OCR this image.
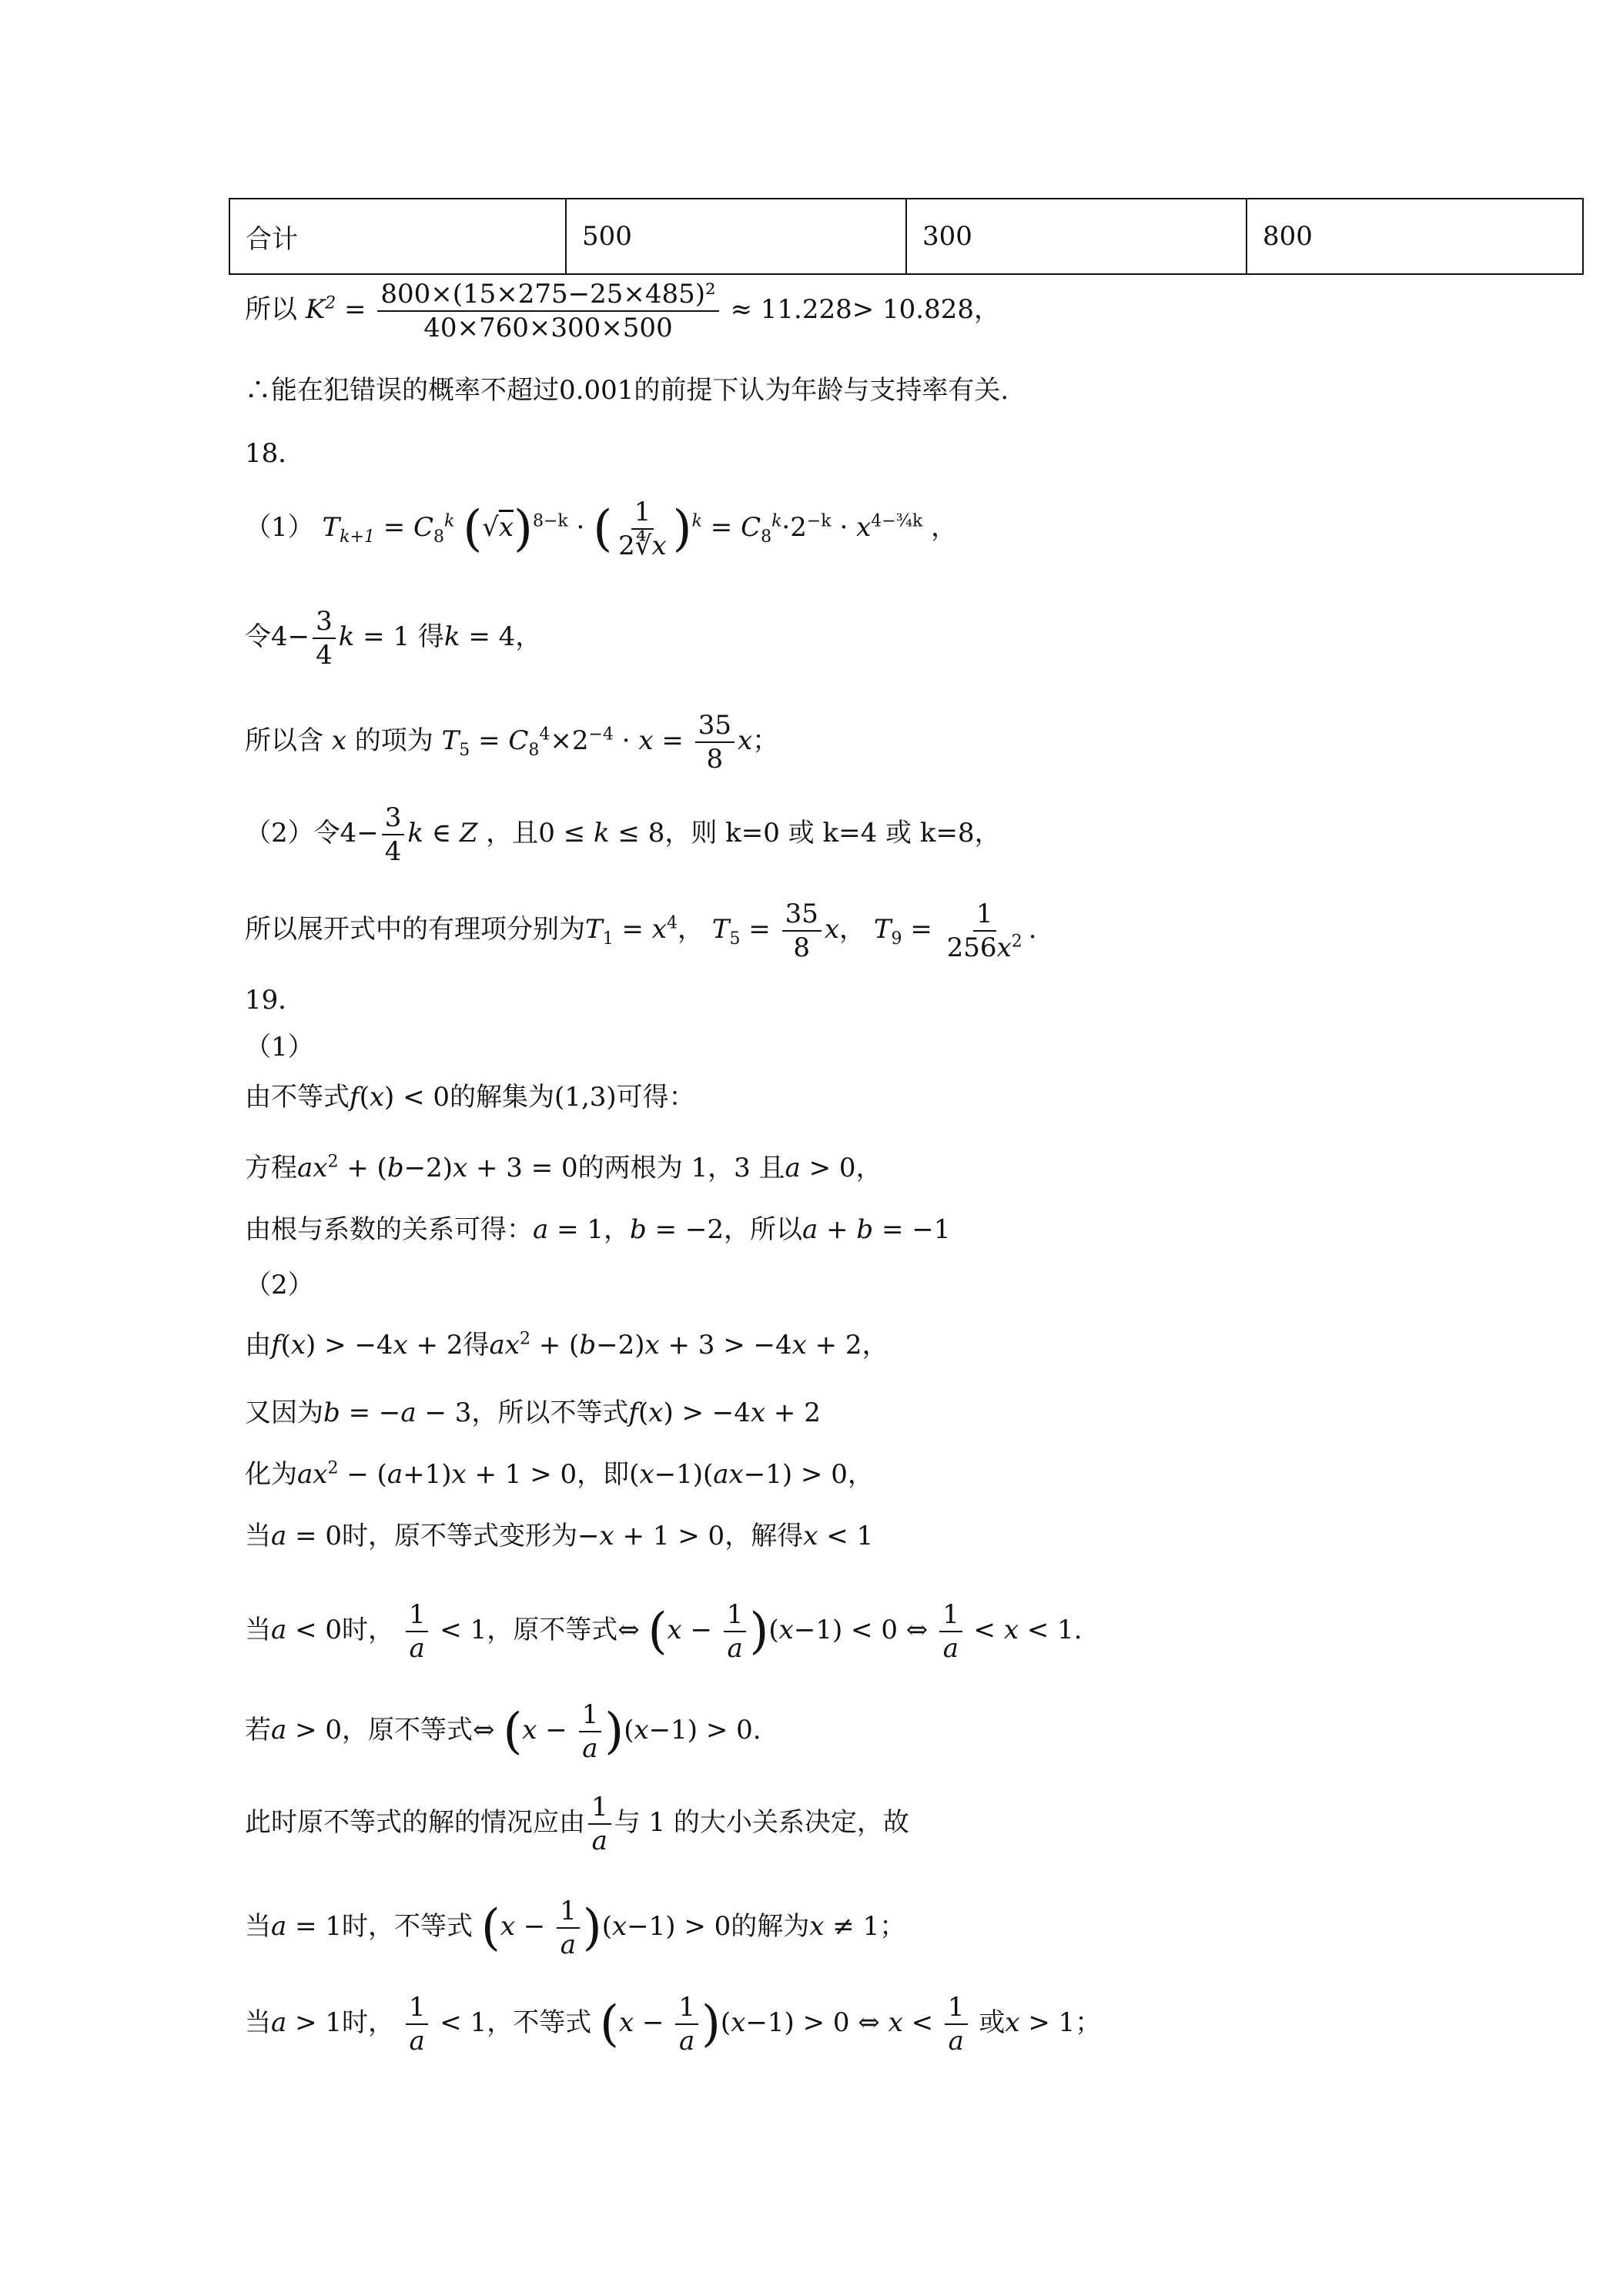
合计	500	300	800
所以 $K^2 = \frac{\text{800×(15×275−25×485)²}}{40\times 760\times 300\times 500} \approx 11.228> 10.828$，
∴能在犯错误的概率不超过0.001的前提下认为年龄与支持率有关.
18．
（1） $T_{k+1} = C_8^k$ $(√x)^{8-k}$ · ( $\frac{1}{2∜x} )^k = C_8^k\cdot 2^{-k} \cdot x^{4-\frac{3}{4}k}$ ，
令$4- \frac{3}{4}$ k = 1 得k = 4，
所以含 x 的项为 $T_5 = C_8^4\times 2^{-4} \cdot x = \frac{35}{8}$ x；
（2）令$4- \frac{3}{4}$ k ∈ Z ，且0 ≤ k ≤ 8，则 k=0 或 k=4 或 k=8，
所以展开式中的有理项分别为$T_1 = x^4$， $T_5 = \frac{35}{8}$ x， $T_9 = \frac{1}{256x^2}$ .
19．
（1）
由不等式f(x) < 0的解集为(1,3)可得：
方程$ax^2 + (b-2)x + 3 = 0$的两根为 1，3 且a > 0，
由根与系数的关系可得：a = 1，b = −2，所以a + b = −1
（2）
由f(x) > −4x + 2得$ax^2 + (b-2)x + 3 > -4x + 2$，
又因为b = −a − 3，所以不等式f(x) > −4x + 2
化为$ax^2 - (a+1)x + 1 > 0$，即(x−1)(ax−1) > 0，
当a = 0时，原不等式变形为−x + 1 > 0，解得x < 1
当a < 0时， $\frac{1}{a} < 1$，原不等式⇔ $(x - \frac{1}{a} )(x-1) < 0$ ⇔ $\frac{1}{a} < x < 1$.
若a > 0，原不等式⇔ $(x - \frac{1}{a} )(x-1) > 0$.
此时原不等式的解的情况应由 $\frac{1}{a}$ 与 1 的大小关系决定，故
当a = 1时，不等式 $(x - \frac{1}{a} )(x-1) > 0$的解为x ≠ 1；
当a > 1时， $\frac{1}{a} < 1$，不等式 $(x - \frac{1}{a} )(x-1) > 0$ ⇔ $x < \frac{1}{a}$ 或x > 1；
